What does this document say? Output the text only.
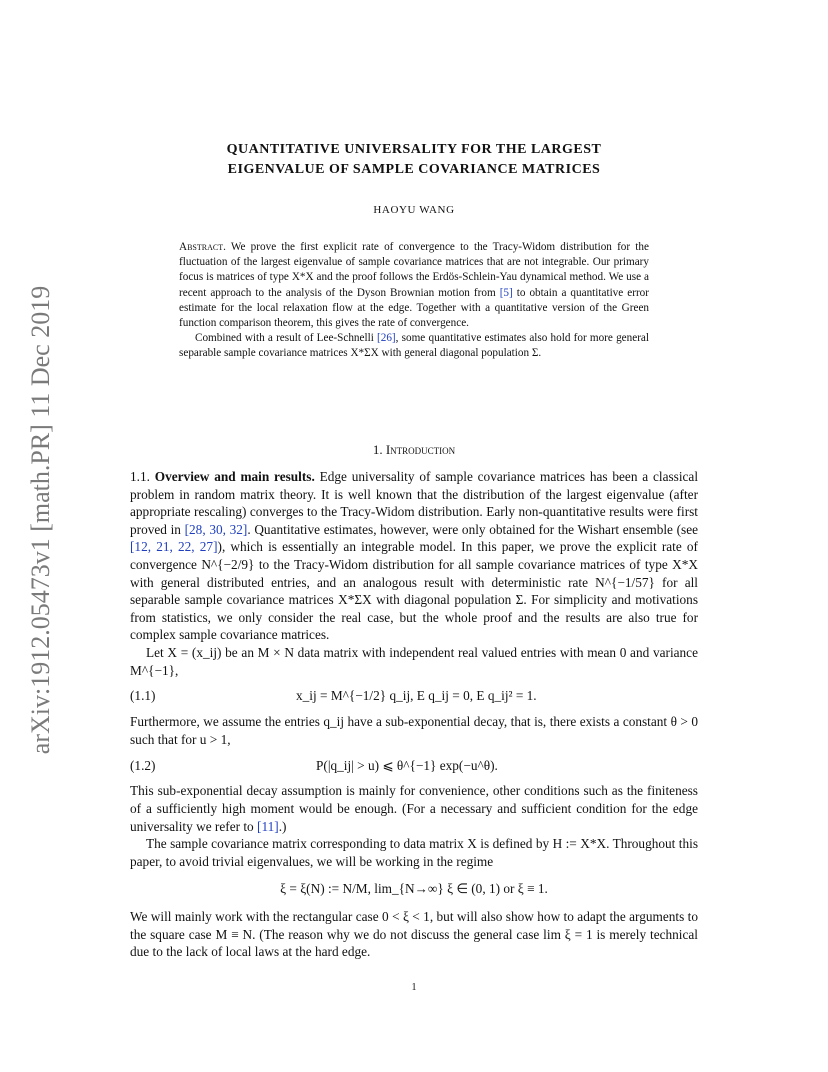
arXiv:1912.05473v1 [math.PR] 11 Dec 2019
QUANTITATIVE UNIVERSALITY FOR THE LARGEST
EIGENVALUE OF SAMPLE COVARIANCE MATRICES
HAOYU WANG

Abstract. We prove the first explicit rate of convergence to the Tracy-Widom distribution for the fluctuation of the largest eigenvalue of sample covariance matrices that are not integrable. Our primary focus is matrices of type X*X and the proof follows the Erdös-Schlein-Yau dynamical method. We use a recent approach to the analysis of the Dyson Brownian motion from [5] to obtain a quantitative error estimate for the local relaxation flow at the edge. Together with a quantitative version of the Green function comparison theorem, this gives the rate of convergence.

Combined with a result of Lee-Schnelli [26], some quantitative estimates also hold for more general separable sample covariance matrices X*ΣX with general diagonal population Σ.

1. Introduction

1.1. Overview and main results. Edge universality of sample covariance matrices has been a classical problem in random matrix theory. It is well known that the distribution of the largest eigenvalue (after appropriate rescaling) converges to the Tracy-Widom distribution. Early non-quantitative results were first proved in [28, 30, 32]. Quantitative estimates, however, were only obtained for the Wishart ensemble (see [12, 21, 22, 27]), which is essentially an integrable model. In this paper, we prove the explicit rate of convergence N^{−2/9} to the Tracy-Widom distribution for all sample covariance matrices of type X*X with general distributed entries, and an analogous result with deterministic rate N^{−1/57} for all separable sample covariance matrices X*ΣX with diagonal population Σ. For simplicity and motivations from statistics, we only consider the real case, but the whole proof and the results are also true for complex sample covariance matrices.

Let X = (x_ij) be an M × N data matrix with independent real valued entries with mean 0 and variance M^{−1},

(1.1)	x_ij = M^{−1/2} q_ij, E q_ij = 0, E q_ij² = 1.

Furthermore, we assume the entries q_ij have a sub-exponential decay, that is, there exists a constant θ > 0 such that for u > 1,

(1.2)	P(|q_ij| > u) ⩽ θ^{−1} exp(−u^θ).

This sub-exponential decay assumption is mainly for convenience, other conditions such as the finiteness of a sufficiently high moment would be enough. (For a necessary and sufficient condition for the edge universality we refer to [11].)

The sample covariance matrix corresponding to data matrix X is defined by H := X*X. Throughout this paper, to avoid trivial eigenvalues, we will be working in the regime

ξ = ξ(N) := N/M, lim_{N→∞} ξ ∈ (0, 1) or ξ ≡ 1.

We will mainly work with the rectangular case 0 < ξ < 1, but will also show how to adapt the arguments to the square case M ≡ N. (The reason why we do not discuss the general case lim ξ = 1 is merely technical due to the lack of local laws at the hard edge.

1
